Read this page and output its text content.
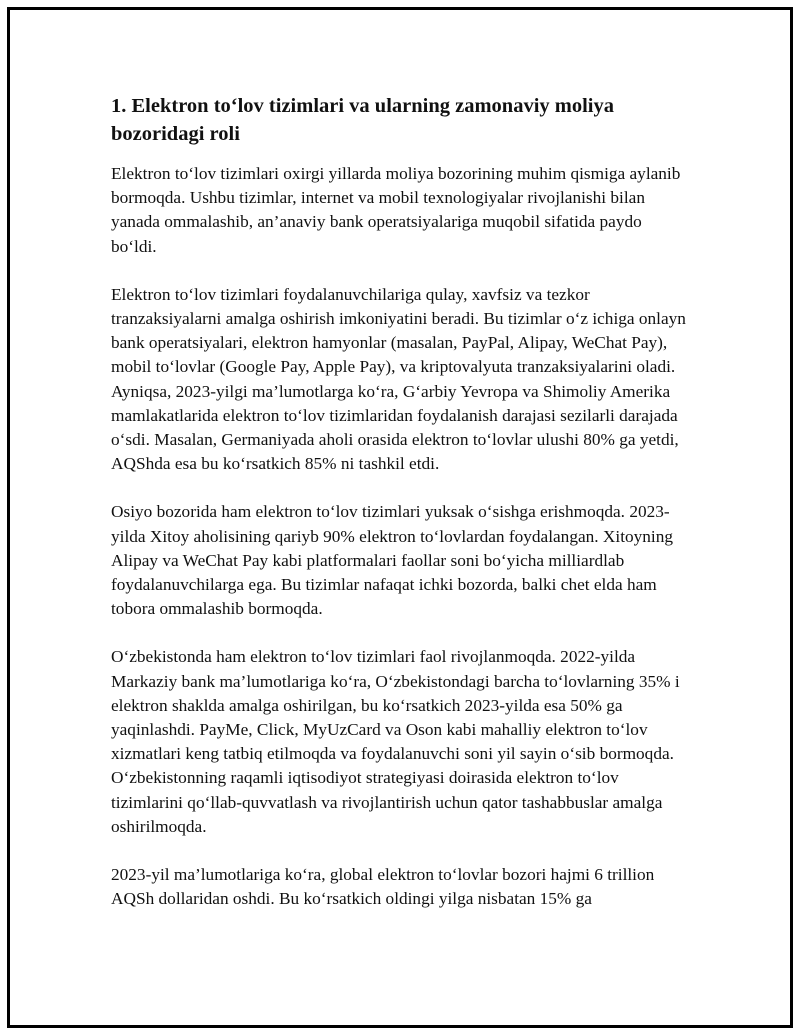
1. Elektron to‘lov tizimlari va ularning zamonaviy moliya bozoridagi roli

Elektron to‘lov tizimlari oxirgi yillarda moliya bozorining muhim qismiga aylanib bormoqda. Ushbu tizimlar, internet va mobil texnologiyalar rivojlanishi bilan yanada ommalashib, an’anaviy bank operatsiyalariga muqobil sifatida paydo bo‘ldi.

Elektron to‘lov tizimlari foydalanuvchilariga qulay, xavfsiz va tezkor tranzaksiyalarni amalga oshirish imkoniyatini beradi. Bu tizimlar o‘z ichiga onlayn bank operatsiyalari, elektron hamyonlar (masalan, PayPal, Alipay, WeChat Pay), mobil to‘lovlar (Google Pay, Apple Pay), va kriptovalyuta tranzaksiyalarini oladi. Ayniqsa, 2023-yilgi ma’lumotlarga ko‘ra, G‘arbiy Yevropa va Shimoliy Amerika mamlakatlarida elektron to‘lov tizimlaridan foydalanish darajasi sezilarli darajada o‘sdi. Masalan, Germaniyada aholi orasida elektron to‘lovlar ulushi 80% ga yetdi, AQShda esa bu ko‘rsatkich 85% ni tashkil etdi.

Osiyo bozorida ham elektron to‘lov tizimlari yuksak o‘sishga erishmoqda. 2023-yilda Xitoy aholisining qariyb 90% elektron to‘lovlardan foydalangan. Xitoyning Alipay va WeChat Pay kabi platformalari faollar soni bo‘yicha milliardlab foydalanuvchilarga ega. Bu tizimlar nafaqat ichki bozorda, balki chet elda ham tobora ommalashib bormoqda.

O‘zbekistonda ham elektron to‘lov tizimlari faol rivojlanmoqda. 2022-yilda Markaziy bank ma’lumotlariga ko‘ra, O‘zbekistondagi barcha to‘lovlarning 35% i elektron shaklda amalga oshirilgan, bu ko‘rsatkich 2023-yilda esa 50% ga yaqinlashdi. PayMe, Click, MyUzCard va Oson kabi mahalliy elektron to‘lov xizmatlari keng tatbiq etilmoqda va foydalanuvchi soni yil sayin o‘sib bormoqda. O‘zbekistonning raqamli iqtisodiyot strategiyasi doirasida elektron to‘lov tizimlarini qo‘llab-quvvatlash va rivojlantirish uchun qator tashabbuslar amalga oshirilmoqda.

2023-yil ma’lumotlariga ko‘ra, global elektron to‘lovlar bozori hajmi 6 trillion AQSh dollaridan oshdi. Bu ko‘rsatkich oldingi yilga nisbatan 15% ga
